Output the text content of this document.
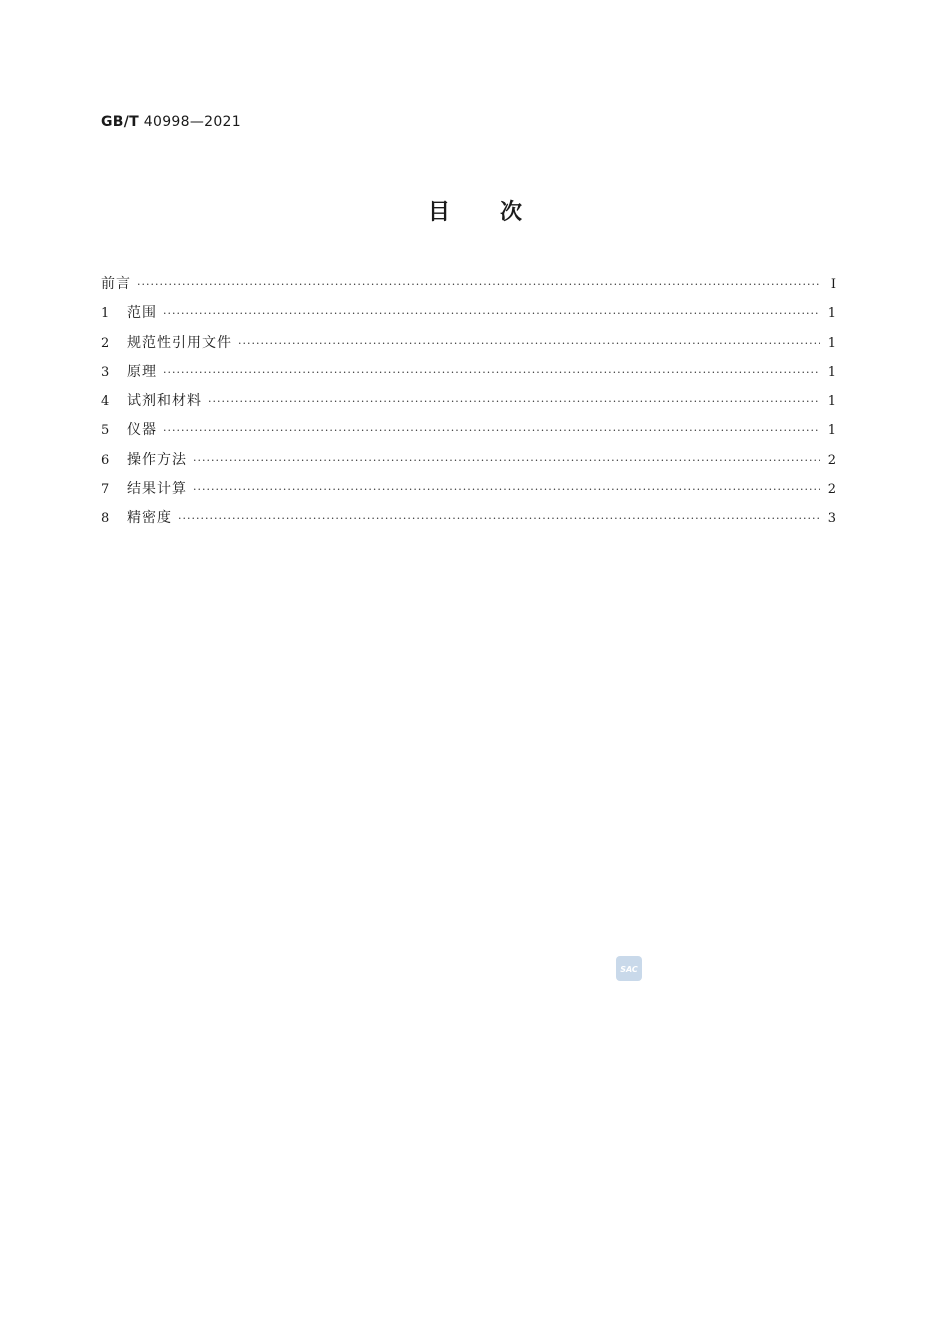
GB/T 40998—2021
目次
前言 ·····	Ⅰ
1	范围 ·····	1
2	规范性引用文件 ·····	1
3	原理 ·····	1
4	试剂和材料 ·····	1
5	仪器 ·····	1
6	操作方法 ·····	2
7	结果计算 ·····	2
8	精密度 ·····	3
SAC
